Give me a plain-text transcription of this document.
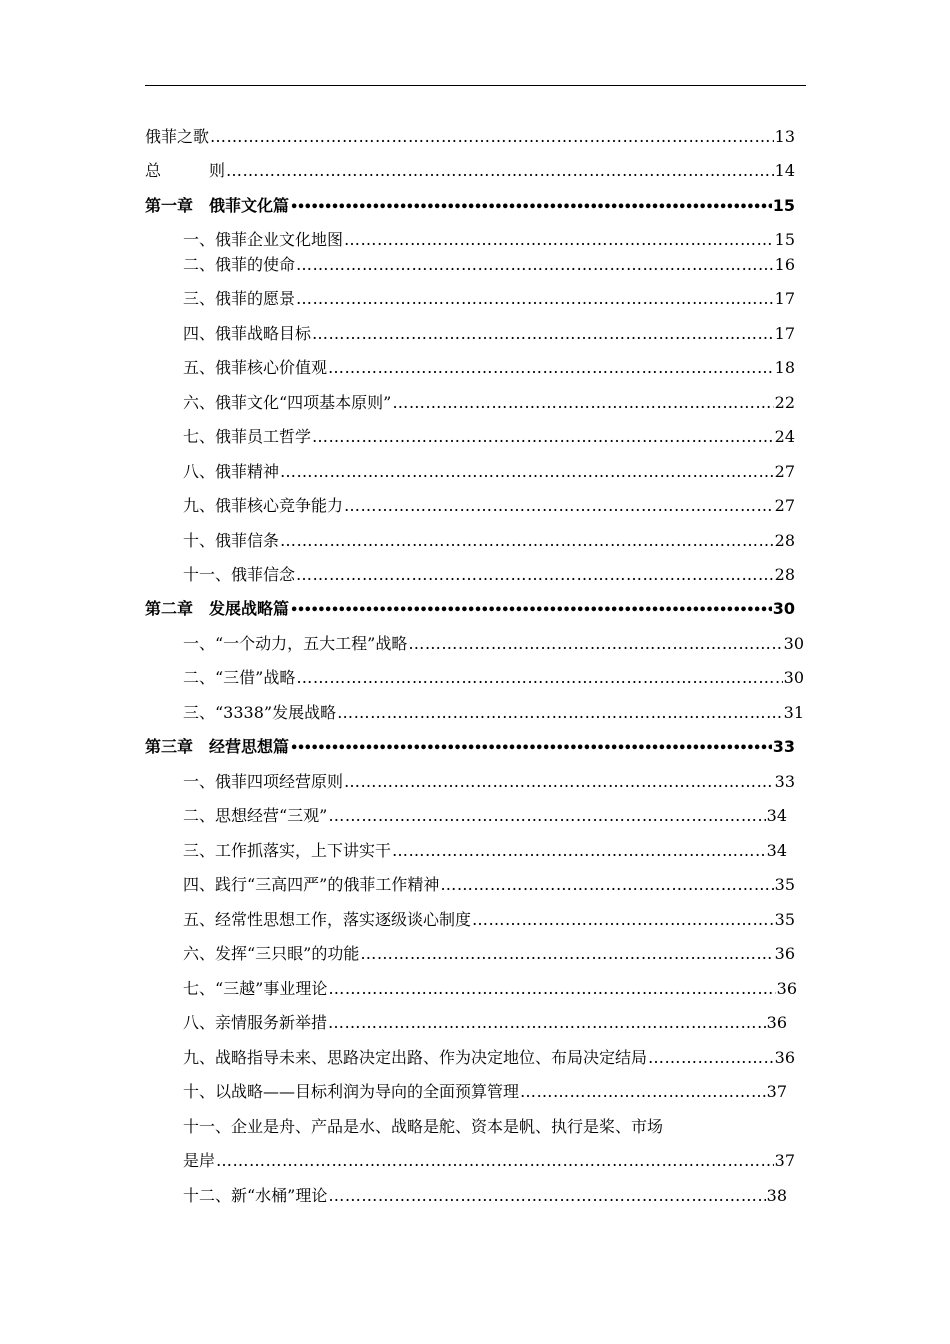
俄菲之歌 ……………………………………………………………………………………………………………………………………………………………………………………………………………………………………	13
总	则 ……………………………………………………………………………………………………………………………………………………………………………………………………………………………………	14
第一章　俄菲文化篇 •••••	15
一、俄菲企业文化地图 ……………………………………………………………………………………………………………………………………………………………………………………………………………………………………	15
二、俄菲的使命 ……………………………………………………………………………………………………………………………………………………………………………………………………………………………………	16
三、俄菲的愿景 ……………………………………………………………………………………………………………………………………………………………………………………………………………………………………	17
四、俄菲战略目标 ……………………………………………………………………………………………………………………………………………………………………………………………………………………………………	17
五、俄菲核心价值观 ……………………………………………………………………………………………………………………………………………………………………………………………………………………………………	18
六、俄菲文化“四项基本原则” ……………………………………………………………………………………………………………………………………………………………………………………………………………………………………	22
七、俄菲员工哲学 ……………………………………………………………………………………………………………………………………………………………………………………………………………………………………	24
八、俄菲精神 ……………………………………………………………………………………………………………………………………………………………………………………………………………………………………	27
九、俄菲核心竞争能力 ……………………………………………………………………………………………………………………………………………………………………………………………………………………………………	27
十、俄菲信条 ……………………………………………………………………………………………………………………………………………………………………………………………………………………………………	28
十一、俄菲信念 ……………………………………………………………………………………………………………………………………………………………………………………………………………………………………	28
第二章　发展战略篇 •••••	30
一、“一个动力，五大工程”战略 ……………………………………………………………………………………………………………………………………………………………………………………………………………………………………	30
二、“三借”战略 ……………………………………………………………………………………………………………………………………………………………………………………………………………………………………	30
三、“3338”发展战略 ……………………………………………………………………………………………………………………………………………………………………………………………………………………………………	31
第三章　经营思想篇 •••••	33
一、俄菲四项经营原则 ……………………………………………………………………………………………………………………………………………………………………………………………………………………………………	33
二、思想经营“三观” ……………………………………………………………………………………………………………………………………………………………………………………………………………………………………	34
三、工作抓落实，上下讲实干 ……………………………………………………………………………………………………………………………………………………………………………………………………………………………………	34
四、践行“三高四严”的俄菲工作精神 ……………………………………………………………………………………………………………………………………………………………………………………………………………………………………	35
五、经常性思想工作，落实逐级谈心制度 ……………………………………………………………………………………………………………………………………………………………………………………………………………………………………	35
六、发挥“三只眼”的功能 ……………………………………………………………………………………………………………………………………………………………………………………………………………………………………	36
七、“三越”事业理论 ……………………………………………………………………………………………………………………………………………………………………………………………………………………………………	36
八、亲情服务新举措 ……………………………………………………………………………………………………………………………………………………………………………………………………………………………………	36
九、战略指导未来、思路决定出路、作为决定地位、布局决定结局 ……………………………………………………………………………………………………………………………………………………………………………………………………………………………………	36
十、以战略——目标利润为导向的全面预算管理 ……………………………………………………………………………………………………………………………………………………………………………………………………………………………………	37
十一、企业是舟、产品是水、战略是舵、资本是帆、执行是桨、市场
是岸 ……………………………………………………………………………………………………………………………………………………………………………………………………………………………………	37
十二、新“水桶”理论 ……………………………………………………………………………………………………………………………………………………………………………………………………………………………………	38
